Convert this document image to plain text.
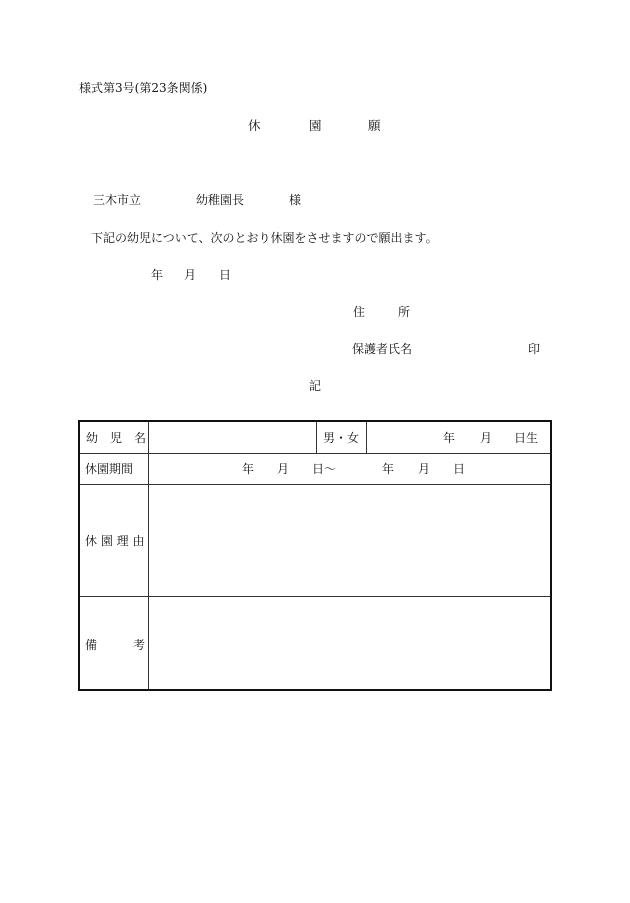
様式第3号(第23条関係)
休	園	願
三木市立	幼稚園長	様
下記の幼児について、次のとおり休園をさせますので願出ます。
年 月 日
住	所
保護者氏名	印
記
幼　児　名	男・女	年 月 日生
休園期間	年 月 日〜	年 月 日
休 園 理 由
備	考
